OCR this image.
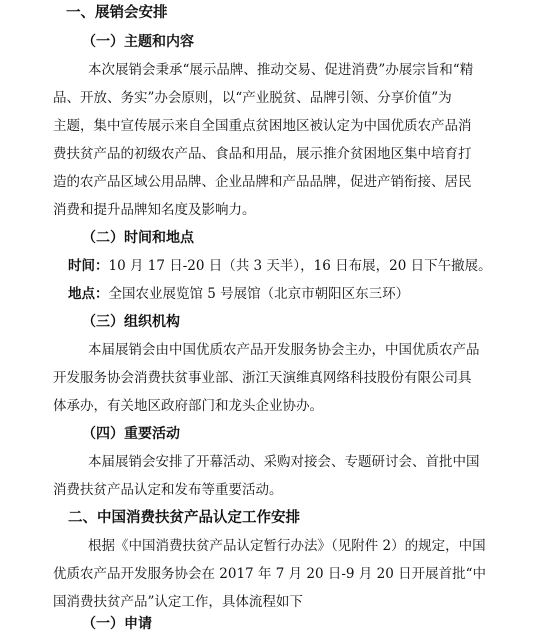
一、展销会安排
（一）主题和内容
本次展销会秉承“展示品牌、推动交易、促进消费”办展宗旨和“精
品、开放、务实”办会原则，以“产业脱贫、品牌引领、分享价值”为
主题，集中宣传展示来自全国重点贫困地区被认定为中国优质农产品消
费扶贫产品的初级农产品、食品和用品，展示推介贫困地区集中培育打
造的农产品区域公用品牌、企业品牌和产品品牌，促进产销衔接、居民
消费和提升品牌知名度及影响力。
（二）时间和地点
时间：10 月 17 日-20 日（共 3 天半），16 日布展，20 日下午撤展。
地点：全国农业展览馆 5 号展馆（北京市朝阳区东三环）
（三）组织机构
本届展销会由中国优质农产品开发服务协会主办，中国优质农产品
开发服务协会消费扶贫事业部、浙江天演维真网络科技股份有限公司具
体承办，有关地区政府部门和龙头企业协办。
（四）重要活动
本届展销会安排了开幕活动、采购对接会、专题研讨会、首批中国
消费扶贫产品认定和发布等重要活动。
二、中国消费扶贫产品认定工作安排
根据《中国消费扶贫产品认定暂行办法》（见附件 2）的规定，中国
优质农产品开发服务协会在 2017 年 7 月 20 日-9 月 20 日开展首批“中
国消费扶贫产品”认定工作，具体流程如下
（一）申请
